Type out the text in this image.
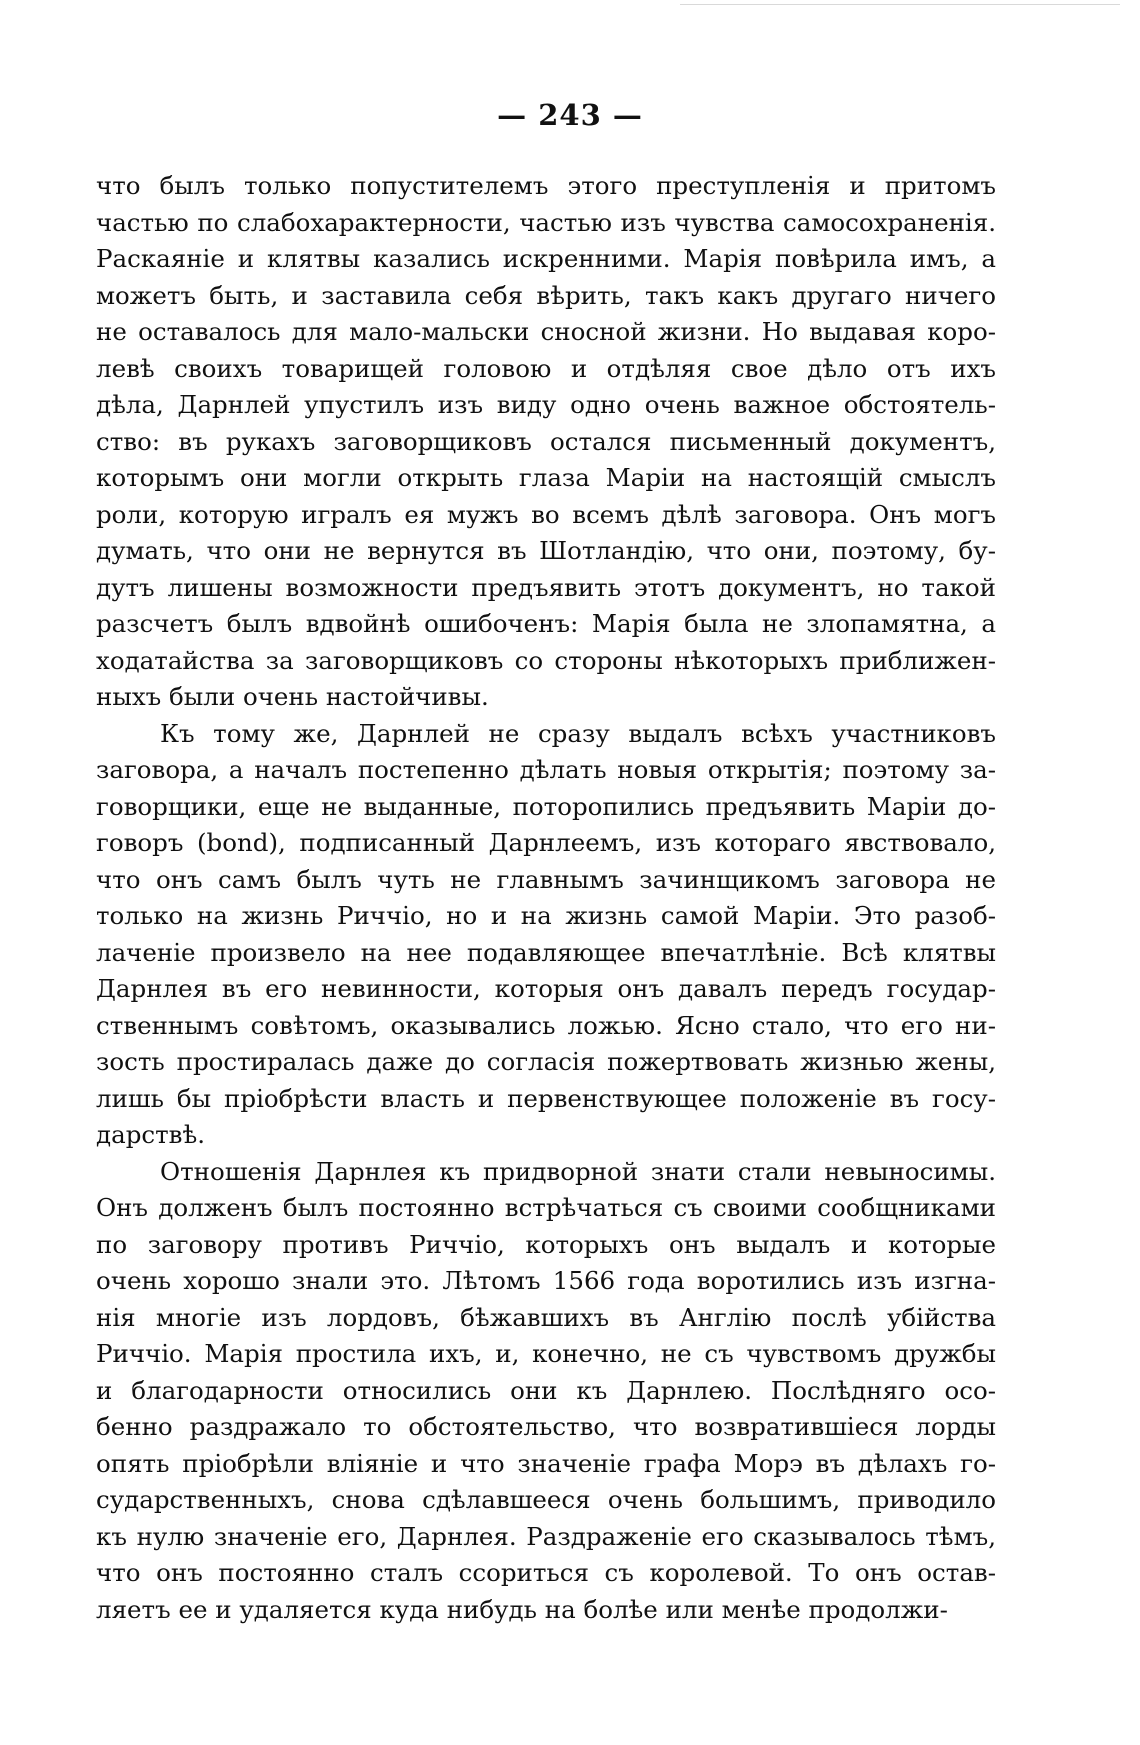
— 243 —
что былъ только попустителемъ этого преступленія и притомъ
частью по слабохарактерности, частью изъ чувства самосохраненія.
Раскаяніе и клятвы казались искренними. Марія повѣрила имъ, а
можетъ быть, и заставила себя вѣрить, такъ какъ другаго ничего
не оставалось для мало-мальски сносной жизни. Но выдавая коро-
левѣ своихъ товарищей головою и отдѣляя свое дѣло отъ ихъ
дѣла, Дарнлей упустилъ изъ виду одно очень важное обстоятель-
ство: въ рукахъ заговорщиковъ остался письменный документъ,
которымъ они могли открыть глаза Маріи на настоящій смыслъ
роли, которую игралъ ея мужъ во всемъ дѣлѣ заговора. Онъ могъ
думать, что они не вернутся въ Шотландію, что они, поэтому, бу-
дутъ лишены возможности предъявить этотъ документъ, но такой
разсчетъ былъ вдвойнѣ ошибоченъ: Марія была не злопамятна, а
ходатайства за заговорщиковъ со стороны нѣкоторыхъ приближен-
ныхъ были очень настойчивы.
Къ тому же, Дарнлей не сразу выдалъ всѣхъ участниковъ
заговора, а началъ постепенно дѣлать новыя открытія; поэтому за-
говорщики, еще не выданные, поторопились предъявить Маріи до-
говоръ (bond), подписанный Дарнлеемъ, изъ котораго явствовало,
что онъ самъ былъ чуть не главнымъ зачинщикомъ заговора не
только на жизнь Риччіо, но и на жизнь самой Маріи. Это разоб-
лаченіе произвело на нее подавляющее впечатлѣніе. Всѣ клятвы
Дарнлея въ его невинности, которыя онъ давалъ передъ государ-
ственнымъ совѣтомъ, оказывались ложью. Ясно стало, что его ни-
зость простиралась даже до согласія пожертвовать жизнью жены,
лишь бы пріобрѣсти власть и первенствующее положеніе въ госу-
дарствѣ.
Отношенія Дарнлея къ придворной знати стали невыносимы.
Онъ долженъ былъ постоянно встрѣчаться съ своими сообщниками
по заговору противъ Риччіо, которыхъ онъ выдалъ и которые
очень хорошо знали это. Лѣтомъ 1566 года воротились изъ изгна-
нія многіе изъ лордовъ, бѣжавшихъ въ Англію послѣ убійства
Риччіо. Марія простила ихъ, и, конечно, не съ чувствомъ дружбы
и благодарности относились они къ Дарнлею. Послѣдняго осо-
бенно раздражало то обстоятельство, что возвратившіеся лорды
опять пріобрѣли вліяніе и что значеніе графа Морэ въ дѣлахъ го-
сударственныхъ, снова сдѣлавшееся очень большимъ, приводило
къ нулю значеніе его, Дарнлея. Раздраженіе его сказывалось тѣмъ,
что онъ постоянно сталъ ссориться съ королевой. То онъ остав-
ляетъ ее и удаляется куда нибудь на болѣе или менѣе продолжи-
